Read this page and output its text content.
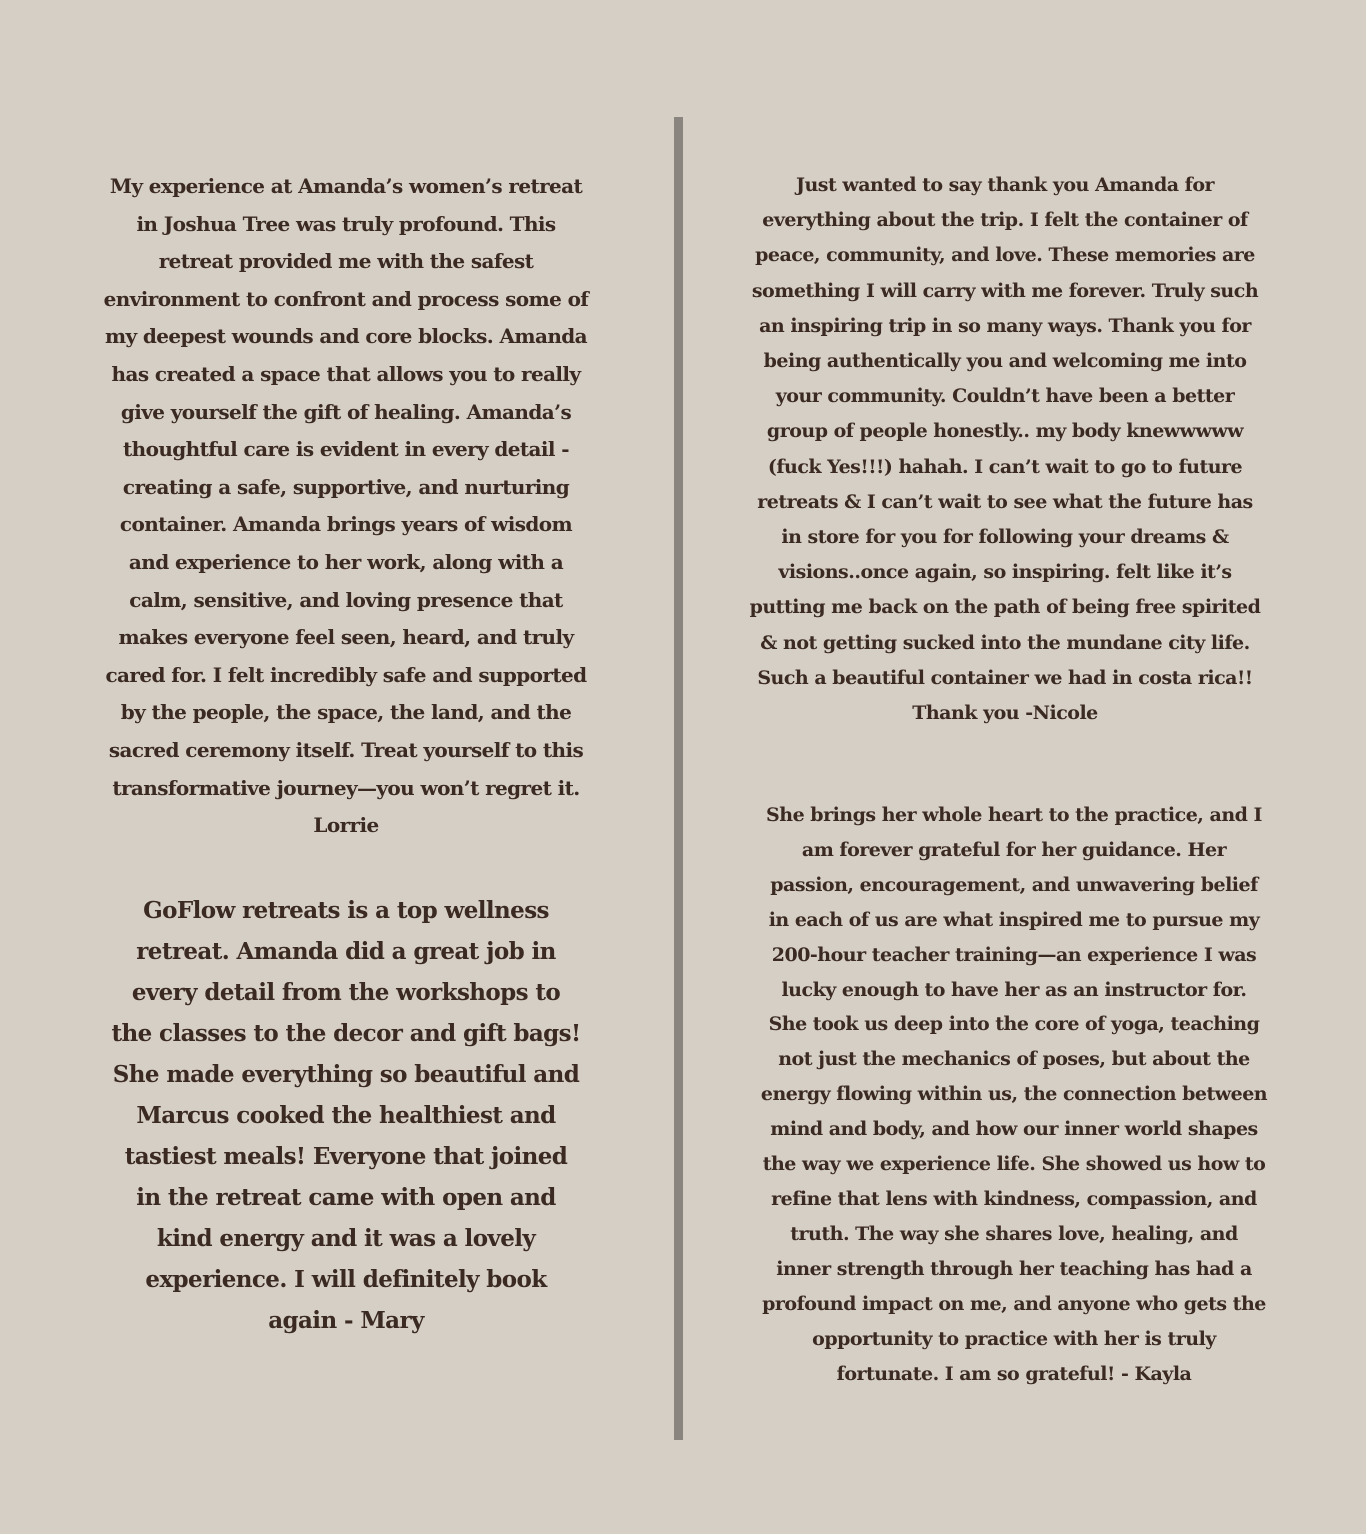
My experience at Amanda’s women’s retreat in Joshua Tree was truly profound. This retreat provided me with the safest environment to confront and process some of my deepest wounds and core blocks. Amanda has created a space that allows you to really give yourself the gift of healing. Amanda’s thoughtful care is evident in every detail - creating a safe, supportive, and nurturing container. Amanda brings years of wisdom and experience to her work, along with a calm, sensitive, and loving presence that makes everyone feel seen, heard, and truly cared for. I felt incredibly safe and supported by the people, the space, the land, and the sacred ceremony itself. Treat yourself to this transformative journey—you won’t regret it. Lorrie

GoFlow retreats is a top wellness retreat. Amanda did a great job in every detail from the workshops to the classes to the decor and gift bags! She made everything so beautiful and Marcus cooked the healthiest and tastiest meals! Everyone that joined in the retreat came with open and kind energy and it was a lovely experience. I will definitely book again - Mary

Just wanted to say thank you Amanda for everything about the trip. I felt the container of peace, community, and love. These memories are something I will carry with me forever. Truly such an inspiring trip in so many ways. Thank you for being authentically you and welcoming me into your community. Couldn’t have been a better group of people honestly.. my body knewwwww (fuck Yes!!!) hahah. I can’t wait to go to future retreats & I can’t wait to see what the future has in store for you for following your dreams & visions..once again, so inspiring. felt like it’s putting me back on the path of being free spirited & not getting sucked into the mundane city life. Such a beautiful container we had in costa rica!! Thank you -Nicole

She brings her whole heart to the practice, and I am forever grateful for her guidance. Her passion, encouragement, and unwavering belief in each of us are what inspired me to pursue my 200-hour teacher training—an experience I was lucky enough to have her as an instructor for. She took us deep into the core of yoga, teaching not just the mechanics of poses, but about the energy flowing within us, the connection between mind and body, and how our inner world shapes the way we experience life. She showed us how to refine that lens with kindness, compassion, and truth. The way she shares love, healing, and inner strength through her teaching has had a profound impact on me, and anyone who gets the opportunity to practice with her is truly fortunate. I am so grateful! - Kayla
